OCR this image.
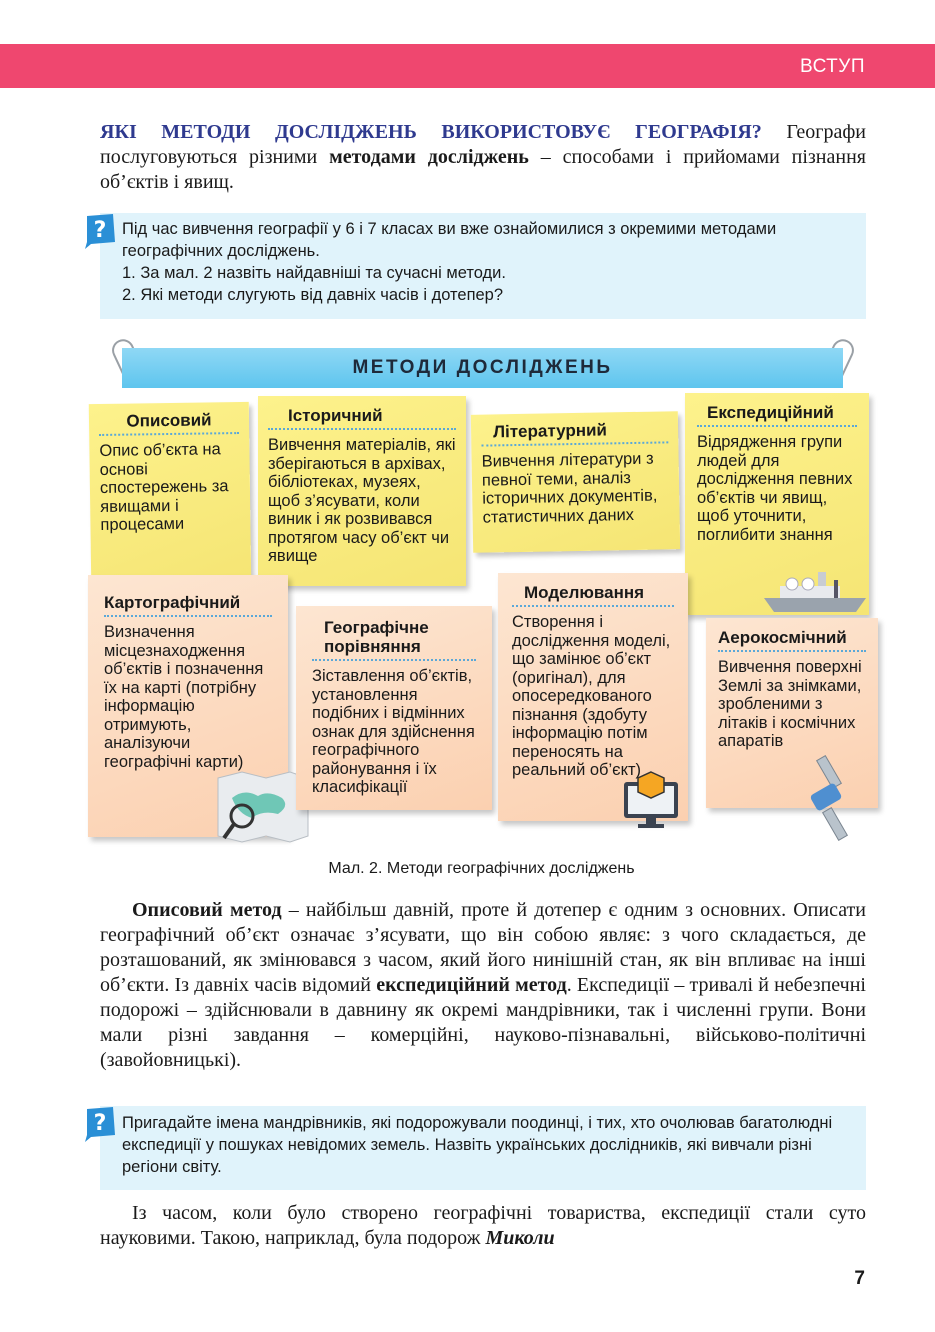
ВСТУП
ЯКІ МЕТОДИ ДОСЛІДЖЕНЬ ВИКОРИСТОВУЄ ГЕОГРАФІЯ? Географи послуговуються різними методами досліджень – способами і прийомами пізнання об’єктів і явищ.
Під час вивчення географії у 6 і 7 класах ви вже ознайомилися з окремими методами географічних досліджень.
1. За мал. 2 назвіть найдавніші та сучасні методи.
2. Які методи слугують від давніх часів і дотепер?
?
МЕТОДИ ДОСЛІДЖЕНЬ
Описовий
Опис об’єкта на основі спостережень за явищами і процесами
Історичний
Вивчення матеріалів, які зберігаються в архівах, бібліотеках, музеях, щоб з’ясувати, коли виник і як розвивався протягом часу об’єкт чи явище
Літературний
Вивчення літератури з певної теми, аналіз історичних документів, статистичних даних
Експедиційний
Відрядження групи людей для дослідження певних об’єктів чи явищ, щоб уточнити, поглибити знання
Картографічний
Визначення місцезнаходження об’єктів і позначення їх на карті (потрібну інформацію отримують, аналізуючи географічні карти)
Географічне порівняння
Зіставлення об’єктів, установлення подібних і відмінних ознак для здійснення географічного районування і їх класифікації
Моделювання
Створення і дослідження моделі, що замінює об’єкт (оригінал), для опосередкованого пізнання (здобуту інформацію потім переносять на реальний об’єкт)
Аерокосмічний
Вивчення поверхні Землі за знімками, зробленими з літаків і космічних апаратів
Мал. 2. Методи географічних досліджень
Описовий метод – найбільш давній, проте й дотепер є одним з основних. Описати географічний об’єкт означає з’ясувати, що він собою являє: з чого складається, де розташований, як змінювався з часом, який його нинішній стан, як він впливає на інші об’єкти. Із давніх часів відомий експедиційний метод. Експедиції – тривалі й небезпечні подорожі – здійснювали в давнину як окремі мандрівники, так і численні групи. Вони мали різні завдання – комерційні, науково-пізнавальні, військово-політичні (завойовницькі).
Пригадайте імена мандрівників, які подорожували поодинці, і тих, хто очолював багатолюдні експедиції у пошуках невідомих земель. Назвіть українських дослідників, які вивчали різні регіони світу.
?
Із часом, коли було створено географічні товариства, експедиції стали суто науковими. Такою, наприклад, була подорож Миколи
7
